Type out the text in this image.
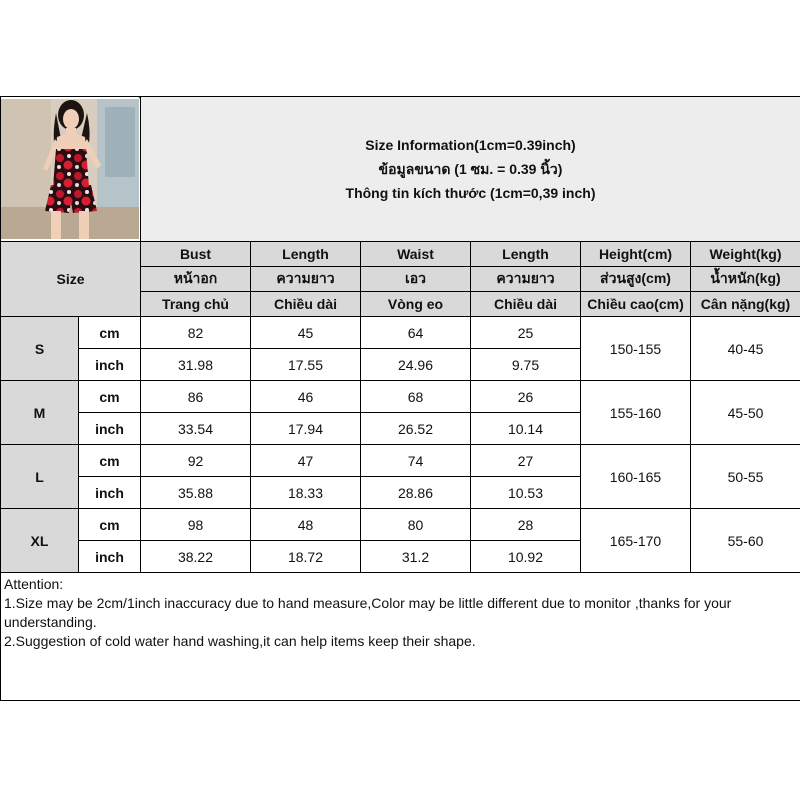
Size Information(1cm=0.39inch)
ข้อมูลขนาด (1 ซม. = 0.39 นิ้ว)
Thông tin kích thước (1cm=0,39 inch)					

Size		Bust	Length	Waist	Length	Height(cm)	Weight(kg)
		หน้าอก	ความยาว	เอว	ความยาว	ส่วนสูง(cm)	น้ำหนัก(kg)
		Trang chủ	Chiều dài	Vòng eo	Chiều dài	Chiều cao(cm)	Cân nặng(kg)
S	cm	82	45	64	25	150-155	40-45
	inch	31.98	17.55	24.96	9.75		
M	cm	86	46	68	26	155-160	45-50
	inch	33.54	17.94	26.52	10.14		
L	cm	92	47	74	27	160-165	50-55
	inch	35.88	18.33	28.86	10.53		
XL	cm	98	48	80	28	165-170	55-60
	inch	38.22	18.72	31.2	10.92		

Attention:
1.Size may be 2cm/1inch inaccuracy due to hand measure,Color may be little different due to monitor ,thanks for your understanding.
2.Suggestion of cold water hand washing,it can help items keep their shape.							
